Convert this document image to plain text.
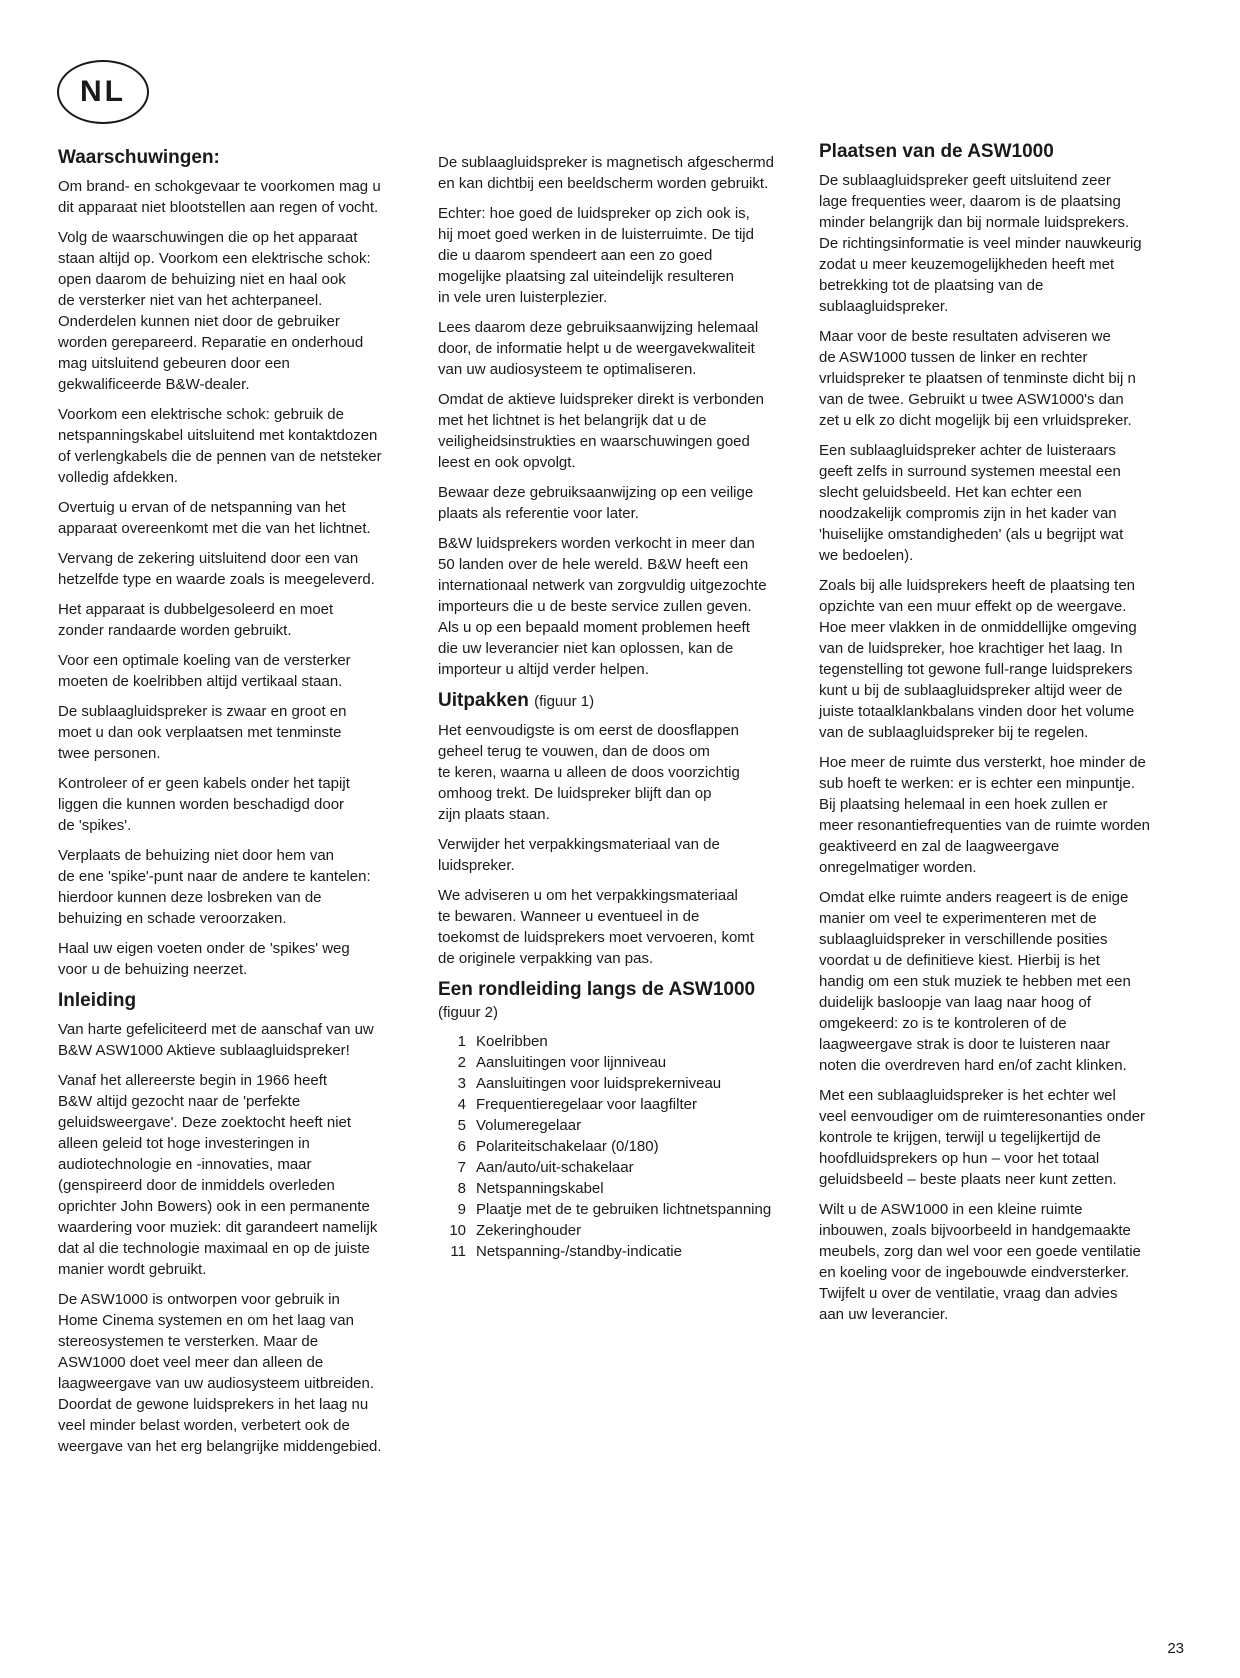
NL
Waarschuwingen:

Om brand- en schokgevaar te voorkomen mag u
dit apparaat niet blootstellen aan regen of vocht.

Volg de waarschuwingen die op het apparaat
staan altijd op. Voorkom een elektrische schok:
open daarom de behuizing niet en haal ook
de versterker niet van het achterpaneel.
Onderdelen kunnen niet door de gebruiker
worden gerepareerd. Reparatie en onderhoud
mag uitsluitend gebeuren door een
gekwalificeerde B&W-dealer.

Voorkom een elektrische schok: gebruik de
netspanningskabel uitsluitend met kontaktdozen
of verlengkabels die de pennen van de netsteker
volledig afdekken.

Overtuig u ervan of de netspanning van het
apparaat overeenkomt met die van het lichtnet.

Vervang de zekering uitsluitend door een van
hetzelfde type en waarde zoals is meegeleverd.

Het apparaat is dubbelgesoleerd en moet
zonder randaarde worden gebruikt.

Voor een optimale koeling van de versterker
moeten de koelribben altijd vertikaal staan.

De sublaagluidspreker is zwaar en groot en
moet u dan ook verplaatsen met tenminste
twee personen.

Kontroleer of er geen kabels onder het tapijt
liggen die kunnen worden beschadigd door
de 'spikes'.

Verplaats de behuizing niet door hem van
de ene 'spike'-punt naar de andere te kantelen:
hierdoor kunnen deze losbreken van de
behuizing en schade veroorzaken.

Haal uw eigen voeten onder de 'spikes' weg
voor u de behuizing neerzet.

Inleiding

Van harte gefeliciteerd met de aanschaf van uw
B&W ASW1000 Aktieve sublaagluidspreker!

Vanaf het allereerste begin in 1966 heeft
B&W altijd gezocht naar de 'perfekte
geluidsweergave'. Deze zoektocht heeft niet
alleen geleid tot hoge investeringen in
audiotechnologie en -innovaties, maar
(genspireerd door de inmiddels overleden
oprichter John Bowers) ook in een permanente
waardering voor muziek: dit garandeert namelijk
dat al die technologie maximaal en op de juiste
manier wordt gebruikt.

De ASW1000 is ontworpen voor gebruik in
Home Cinema systemen en om het laag van
stereosystemen te versterken. Maar de
ASW1000 doet veel meer dan alleen de
laagweergave van uw audiosysteem uitbreiden.
Doordat de gewone luidsprekers in het laag nu
veel minder belast worden, verbetert ook de
weergave van het erg belangrijke middengebied.

De sublaagluidspreker is magnetisch afgeschermd
en kan dichtbij een beeldscherm worden gebruikt.

Echter: hoe goed de luidspreker op zich ook is,
hij moet goed werken in de luisterruimte. De tijd
die u daarom spendeert aan een zo goed
mogelijke plaatsing zal uiteindelijk resulteren
in vele uren luisterplezier.

Lees daarom deze gebruiksaanwijzing helemaal
door, de informatie helpt u de weergavekwaliteit
van uw audiosysteem te optimaliseren.

Omdat de aktieve luidspreker direkt is verbonden
met het lichtnet is het belangrijk dat u de
veiligheidsinstrukties en waarschuwingen goed
leest en ook opvolgt.

Bewaar deze gebruiksaanwijzing op een veilige
plaats als referentie voor later.

B&W luidsprekers worden verkocht in meer dan
50 landen over de hele wereld. B&W heeft een
internationaal netwerk van zorgvuldig uitgezochte
importeurs die u de beste service zullen geven.
Als u op een bepaald moment problemen heeft
die uw leverancier niet kan oplossen, kan de
importeur u altijd verder helpen.

Uitpakken (figuur 1)

Het eenvoudigste is om eerst de doosflappen
geheel terug te vouwen, dan de doos om
te keren, waarna u alleen de doos voorzichtig
omhoog trekt. De luidspreker blijft dan op
zijn plaats staan.

Verwijder het verpakkingsmateriaal van de
luidspreker.

We adviseren u om het verpakkingsmateriaal
te bewaren. Wanneer u eventueel in de
toekomst de luidsprekers moet vervoeren, komt
de originele verpakking van pas.

Een rondleiding langs de ASW1000
(figuur 2)
1 Koelribben
2 Aansluitingen voor lijnniveau
3 Aansluitingen voor luidsprekerniveau
4 Frequentieregelaar voor laagfilter
5 Volumeregelaar
6 Polariteitschakelaar (0/180)
7 Aan/auto/uit-schakelaar
8 Netspanningskabel
9 Plaatje met de te gebruiken lichtnetspanning
10 Zekeringhouder
11 Netspanning-/standby-indicatie
Plaatsen van de ASW1000

De sublaagluidspreker geeft uitsluitend zeer
lage frequenties weer, daarom is de plaatsing
minder belangrijk dan bij normale luidsprekers.
De richtingsinformatie is veel minder nauwkeurig
zodat u meer keuzemogelijkheden heeft met
betrekking tot de plaatsing van de
sublaagluidspreker.

Maar voor de beste resultaten adviseren we
de ASW1000 tussen de linker en rechter
vrluidspreker te plaatsen of tenminste dicht bij n
van de twee. Gebruikt u twee ASW1000's dan
zet u elk zo dicht mogelijk bij een vrluidspreker.

Een sublaagluidspreker achter de luisteraars
geeft zelfs in surround systemen meestal een
slecht geluidsbeeld. Het kan echter een
noodzakelijk compromis zijn in het kader van
'huiselijke omstandigheden' (als u begrijpt wat
we bedoelen).

Zoals bij alle luidsprekers heeft de plaatsing ten
opzichte van een muur effekt op de weergave.
Hoe meer vlakken in de onmiddellijke omgeving
van de luidspreker, hoe krachtiger het laag. In
tegenstelling tot gewone full-range luidsprekers
kunt u bij de sublaagluidspreker altijd weer de
juiste totaalklankbalans vinden door het volume
van de sublaagluidspreker bij te regelen.

Hoe meer de ruimte dus versterkt, hoe minder de
sub hoeft te werken: er is echter een minpuntje.
Bij plaatsing helemaal in een hoek zullen er
meer resonantiefrequenties van de ruimte worden
geaktiveerd en zal de laagweergave
onregelmatiger worden.

Omdat elke ruimte anders reageert is de enige
manier om veel te experimenteren met de
sublaagluidspreker in verschillende posities
voordat u de definitieve kiest. Hierbij is het
handig om een stuk muziek te hebben met een
duidelijk basloopje van laag naar hoog of
omgekeerd: zo is te kontroleren of de
laagweergave strak is door te luisteren naar
noten die overdreven hard en/of zacht klinken.

Met een sublaagluidspreker is het echter wel
veel eenvoudiger om de ruimteresonanties onder
kontrole te krijgen, terwijl u tegelijkertijd de
hoofdluidsprekers op hun – voor het totaal
geluidsbeeld – beste plaats neer kunt zetten.

Wilt u de ASW1000 in een kleine ruimte
inbouwen, zoals bijvoorbeeld in handgemaakte
meubels, zorg dan wel voor een goede ventilatie
en koeling voor de ingebouwde eindversterker.
Twijfelt u over de ventilatie, vraag dan advies
aan uw leverancier.

23
